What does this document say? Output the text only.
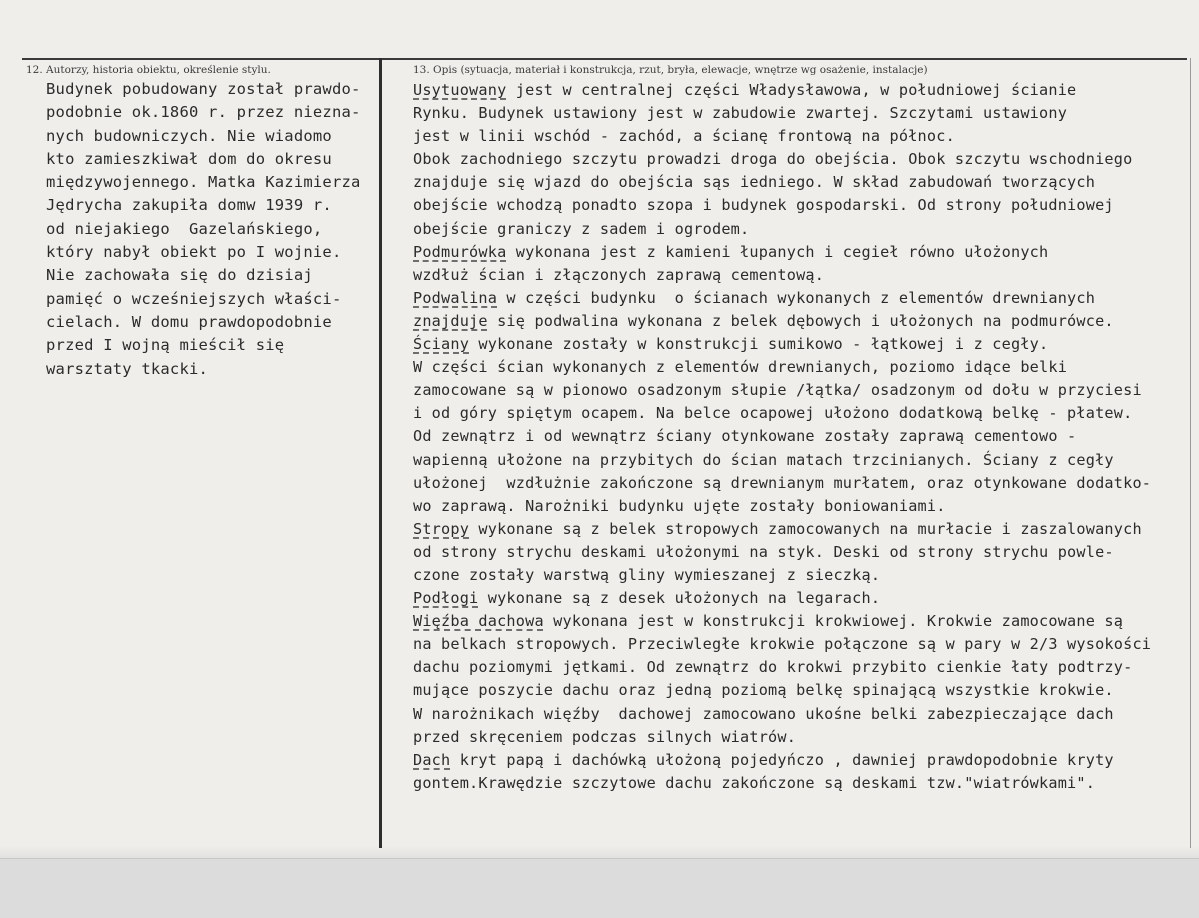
12. Autorzy, historia obiektu, określenie stylu.	13. Opis (sytuacja, materiał i konstrukcja, rzut, bryła, elewacje, wnętrze wg osażenie, instalacje)
Budynek pobudowany został prawdo-
podobnie ok.1860 r. przez niezna-
nych budowniczych. Nie wiadomo
kto zamieszkiwał dom do okresu
międzywojennego. Matka Kazimierza
Jędrycha zakupiła domw 1939 r.
od niejakiego  Gazelańskiego,
który nabył obiekt po I wojnie.
Nie zachowała się do dzisiaj
pamięć o wcześniejszych właści-
cielach. W domu prawdopodobnie
przed I wojną mieścił się
warsztaty tkacki.
Usytuowany jest w centralnej części Władysławowa, w południowej ścianie
Rynku. Budynek ustawiony jest w zabudowie zwartej. Szczytami ustawiony
jest w linii wschód - zachód, a ścianę frontową na północ.
Obok zachodniego szczytu prowadzi droga do obejścia. Obok szczytu wschodniego
znajduje się wjazd do obejścia sąs iedniego. W skład zabudowań tworzących
obejście wchodzą ponadto szopa i budynek gospodarski. Od strony południowej
obejście graniczy z sadem i ogrodem.
Podmurówka wykonana jest z kamieni łupanych i cegieł równo ułożonych
wzdłuż ścian i złączonych zaprawą cementową.
Podwalina w części budynku  o ścianach wykonanych z elementów drewnianych
znajduje się podwalina wykonana z belek dębowych i ułożonych na podmurówce.
Ściany wykonane zostały w konstrukcji sumikowo - łątkowej i z cegły.
W części ścian wykonanych z elementów drewnianych, poziomo idące belki
zamocowane są w pionowo osadzonym słupie /łątka/ osadzonym od dołu w przyciesi
i od góry spiętym ocapem. Na belce ocapowej ułożono dodatkową belkę - płatew.
Od zewnątrz i od wewnątrz ściany otynkowane zostały zaprawą cementowo -
wapienną ułożone na przybitych do ścian matach trzcinianych. Ściany z cegły
ułożonej  wzdłużnie zakończone są drewnianym murłatem, oraz otynkowane dodatko-
wo zaprawą. Narożniki budynku ujęte zostały boniowaniami.
Stropy wykonane są z belek stropowych zamocowanych na murłacie i zaszalowanych
od strony strychu deskami ułożonymi na styk. Deski od strony strychu powle-
czone zostały warstwą gliny wymieszanej z sieczką.
Podłogi wykonane są z desek ułożonych na legarach.
Więźba dachowa wykonana jest w konstrukcji krokwiowej. Krokwie zamocowane są
na belkach stropowych. Przeciwległe krokwie połączone są w pary w 2/3 wysokości
dachu poziomymi jętkami. Od zewnątrz do krokwi przybito cienkie łaty podtrzy-
mujące poszycie dachu oraz jedną poziomą belkę spinającą wszystkie krokwie.
W narożnikach więźby  dachowej zamocowano ukośne belki zabezpieczające dach
przed skręceniem podczas silnych wiatrów.
Dach kryt papą i dachówką ułożoną pojedyńczo , dawniej prawdopodobnie kryty
gontem.Krawędzie szczytowe dachu zakończone są deskami tzw."wiatrówkami".
